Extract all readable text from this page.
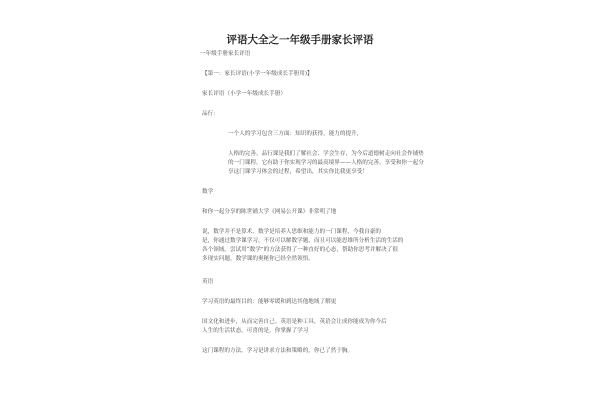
评语大全之一年级手册家长评语
一年级手册家长评语
【第一：家长评语(小学一年级成长手册用)】
家长评语（小学一年级成长手册）
品行：
一个人的学习包含三方面：知识的获得，能力的提升，
人格的完善。品行课是我们了解社会、学会生存，为今后道德树走向社会作铺垫
的一门课程。它有助于你实现学习的最高境界——人格的完善。享受和你一起分
享这门课学习体会的过程，希望出，其实你比我更享受！
数学
和你一起分享的陈世铺大学《网易公开课》非常明了地
说，数学并不是算术，数学是培养人思维和能力的一门课程，今我自豪的
是，你通过数学课学习，不仅可以解数学题，而且可以能思维所分析生活的生活的
各个领域。尝试用“数学”的方法获得了一种直好的心态，帮助你思考并解决了很
多现实问题，数学课的奥秘你已经全然领悟。
英语
学习英语的最终目的：能够零缓和到达其他地域了解更
国文化和进步，从而完善自己。英语是种工具，英语会让成你能成为你今后
人生的生活状态，可喜的是，你掌握了学习
这门课程的方法，学习是讲求方法和策略的，你已了然于胸。
